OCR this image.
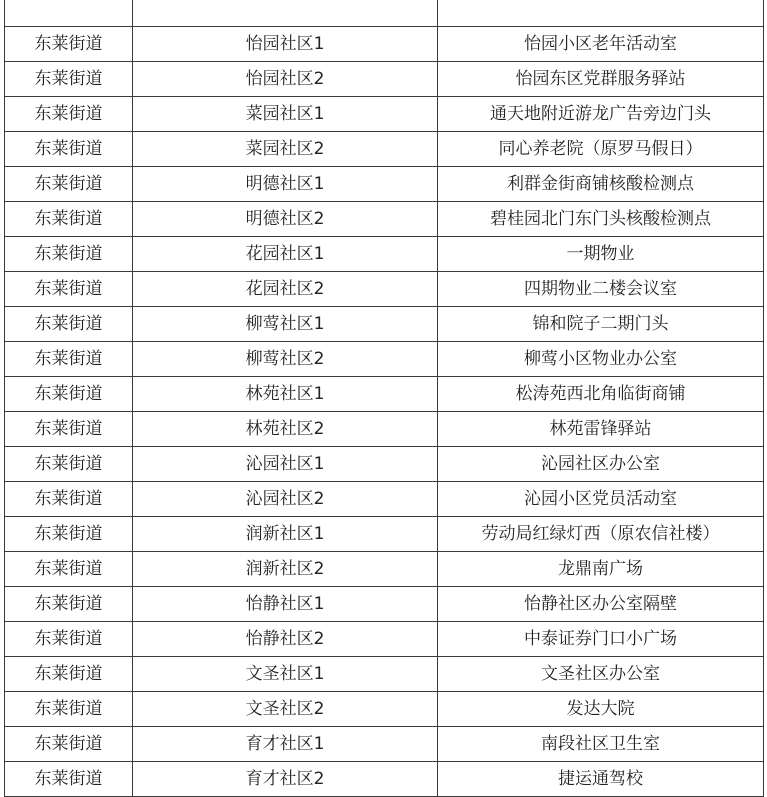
东莱街道	怡园社区1	怡园小区老年活动室
东莱街道	怡园社区2	怡园东区党群服务驿站
东莱街道	菜园社区1	通天地附近游龙广告旁边门头
东莱街道	菜园社区2	同心养老院（原罗马假日）
东莱街道	明德社区1	利群金街商铺核酸检测点
东莱街道	明德社区2	碧桂园北门东门头核酸检测点
东莱街道	花园社区1	一期物业
东莱街道	花园社区2	四期物业二楼会议室
东莱街道	柳莺社区1	锦和院子二期门头
东莱街道	柳莺社区2	柳莺小区物业办公室
东莱街道	林苑社区1	松涛苑西北角临街商铺
东莱街道	林苑社区2	林苑雷锋驿站
东莱街道	沁园社区1	沁园社区办公室
东莱街道	沁园社区2	沁园小区党员活动室
东莱街道	润新社区1	劳动局红绿灯西（原农信社楼）
东莱街道	润新社区2	龙鼎南广场
东莱街道	怡静社区1	怡静社区办公室隔壁
东莱街道	怡静社区2	中泰证券门口小广场
东莱街道	文圣社区1	文圣社区办公室
东莱街道	文圣社区2	发达大院
东莱街道	育才社区1	南段社区卫生室
东莱街道	育才社区2	捷运通驾校
